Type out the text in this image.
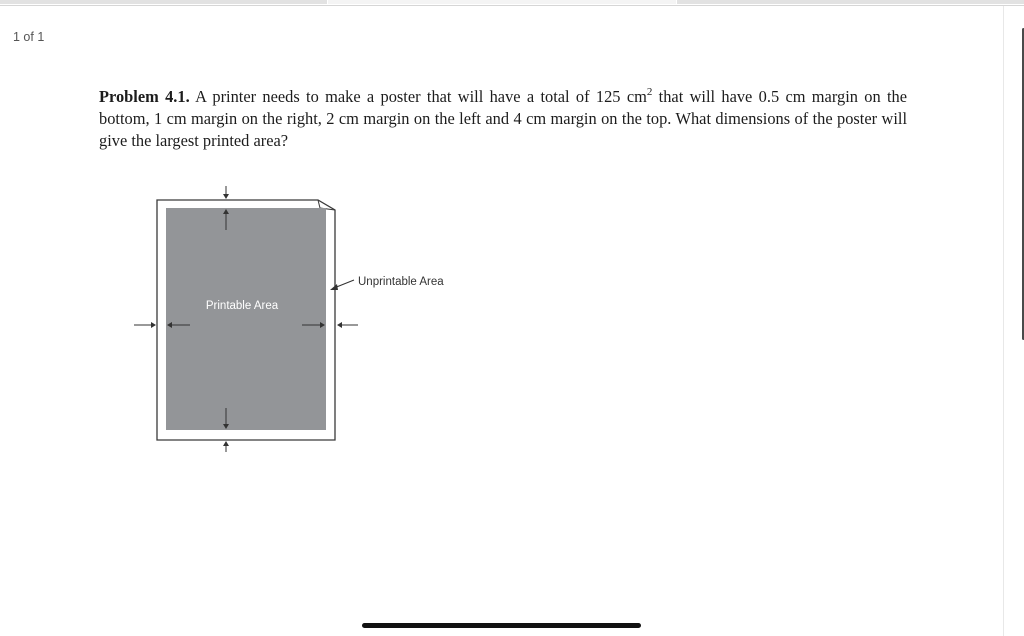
1 of 1
Problem 4.1. A printer needs to make a poster that will have a total of 125 $cm^2$ that will have 0.5 cm margin on the bottom, 1 cm margin on the right, 2 cm margin on the left and 4 cm margin on the top. What dimensions of the poster will give the largest printed area?
Printable Area
Unprintable Area
